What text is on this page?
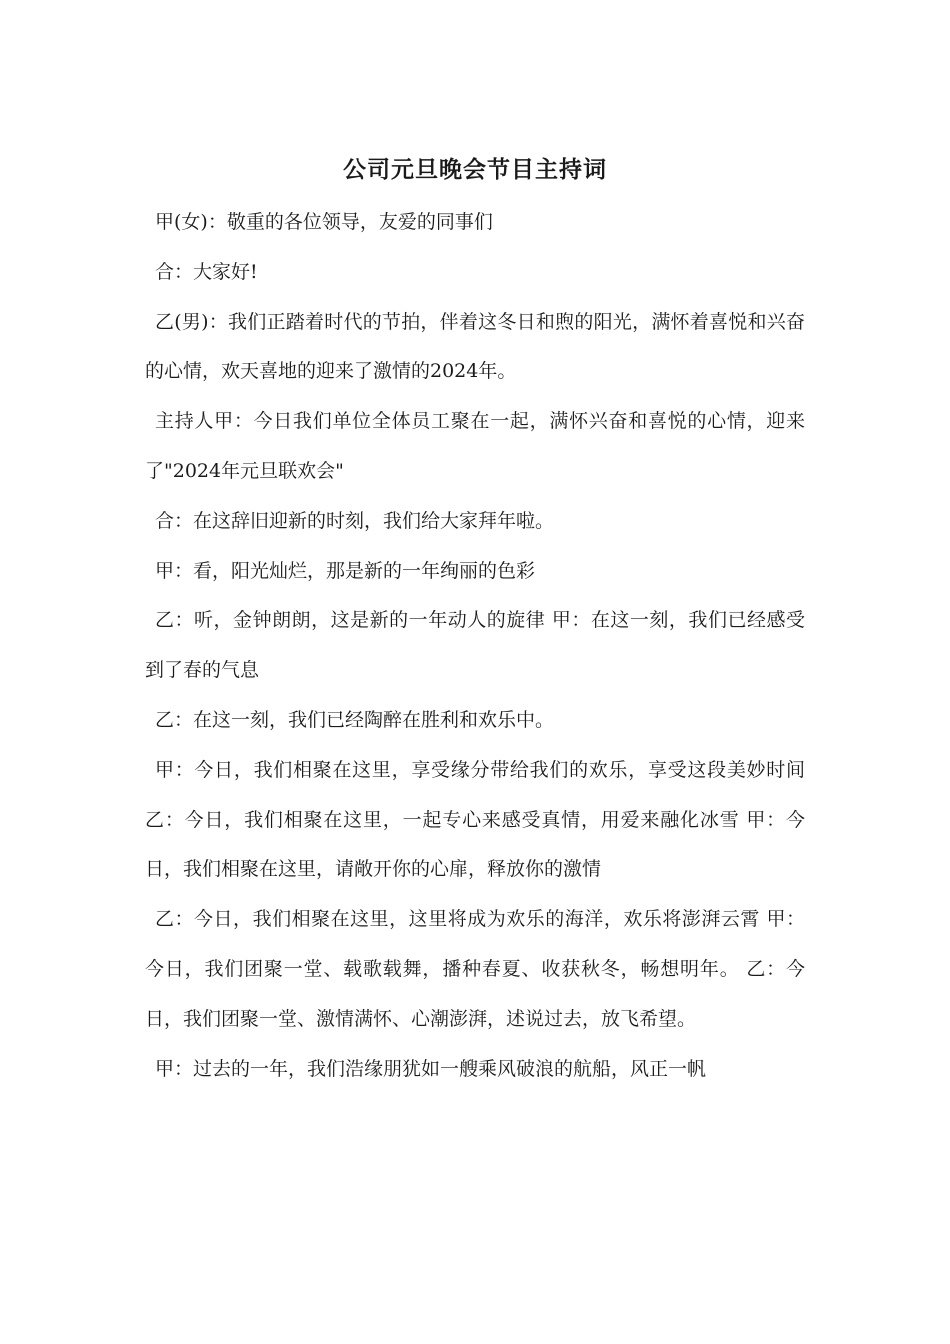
公司元旦晚会节目主持词

甲(女)：敬重的各位领导，友爱的同事们

合：大家好!

乙(男)：我们正踏着时代的节拍，伴着这冬日和煦的阳光，满怀着喜悦和兴奋的心情，欢天喜地的迎来了激情的2024年。

主持人甲：今日我们单位全体员工聚在一起，满怀兴奋和喜悦的心情，迎来了"2024年元旦联欢会"

合：在这辞旧迎新的时刻，我们给大家拜年啦。

甲：看，阳光灿烂，那是新的一年绚丽的色彩

乙：听，金钟朗朗，这是新的一年动人的旋律 甲：在这一刻，我们已经感受到了春的气息

乙：在这一刻，我们已经陶醉在胜利和欢乐中。

甲：今日，我们相聚在这里，享受缘分带给我们的欢乐，享受这段美妙时间 乙：今日，我们相聚在这里，一起专心来感受真情，用爱来融化冰雪 甲：今日，我们相聚在这里，请敞开你的心扉，释放你的激情

乙：今日，我们相聚在这里，这里将成为欢乐的海洋，欢乐将澎湃云霄 甲：今日，我们团聚一堂、载歌载舞，播种春夏、收获秋冬，畅想明年。 乙：今日，我们团聚一堂、激情满怀、心潮澎湃，述说过去，放飞希望。

甲：过去的一年，我们浩缘朋犹如一艘乘风破浪的航船，风正一帆
